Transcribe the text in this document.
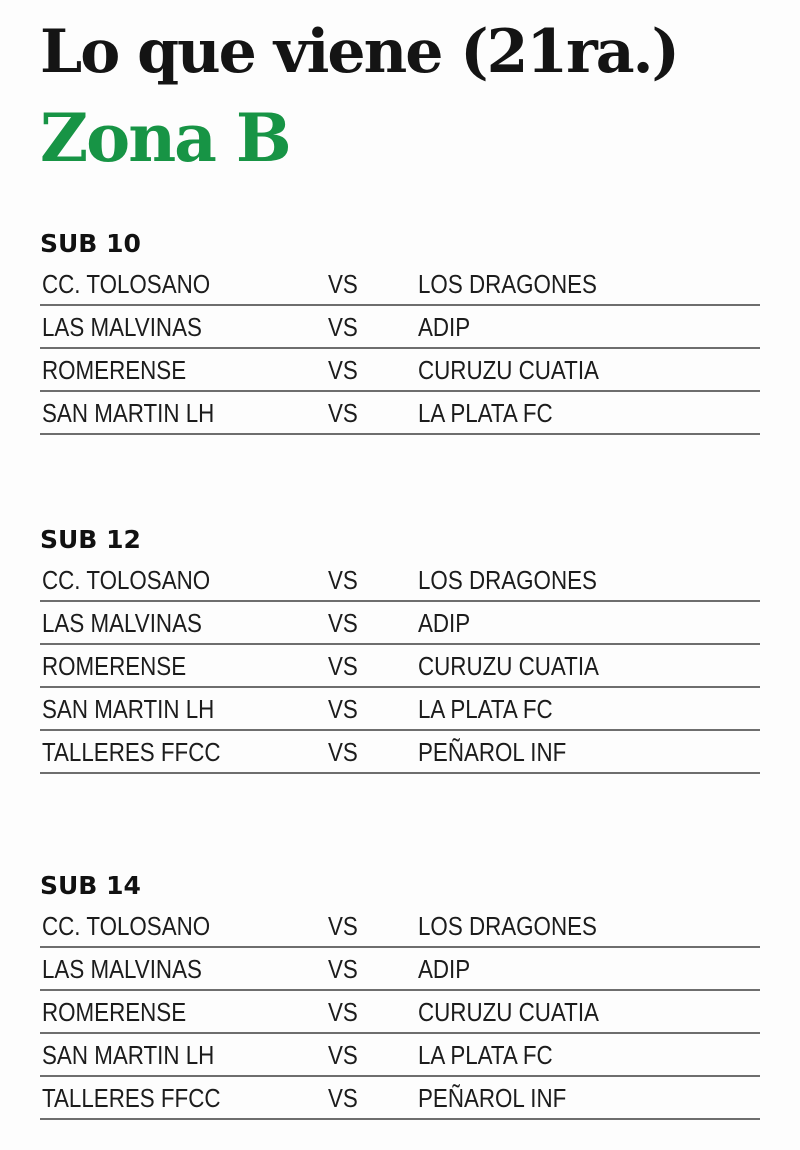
Lo que viene (21ra.)
Zona B
SUB 10
CC. TOLOSANO	VS LOS DRAGONES
LAS MALVINAS	VS ADIP
ROMERENSE	VS CURUZU CUATIA
SAN MARTIN LH	VS LA PLATA FC
SUB 12
CC. TOLOSANO	VS LOS DRAGONES
LAS MALVINAS	VS ADIP
ROMERENSE	VS CURUZU CUATIA
SAN MARTIN LH	VS LA PLATA FC
TALLERES FFCC	VS PEÑAROL INF
SUB 14
CC. TOLOSANO	VS LOS DRAGONES
LAS MALVINAS	VS ADIP
ROMERENSE	VS CURUZU CUATIA
SAN MARTIN LH	VS LA PLATA FC
TALLERES FFCC	VS PEÑAROL INF
